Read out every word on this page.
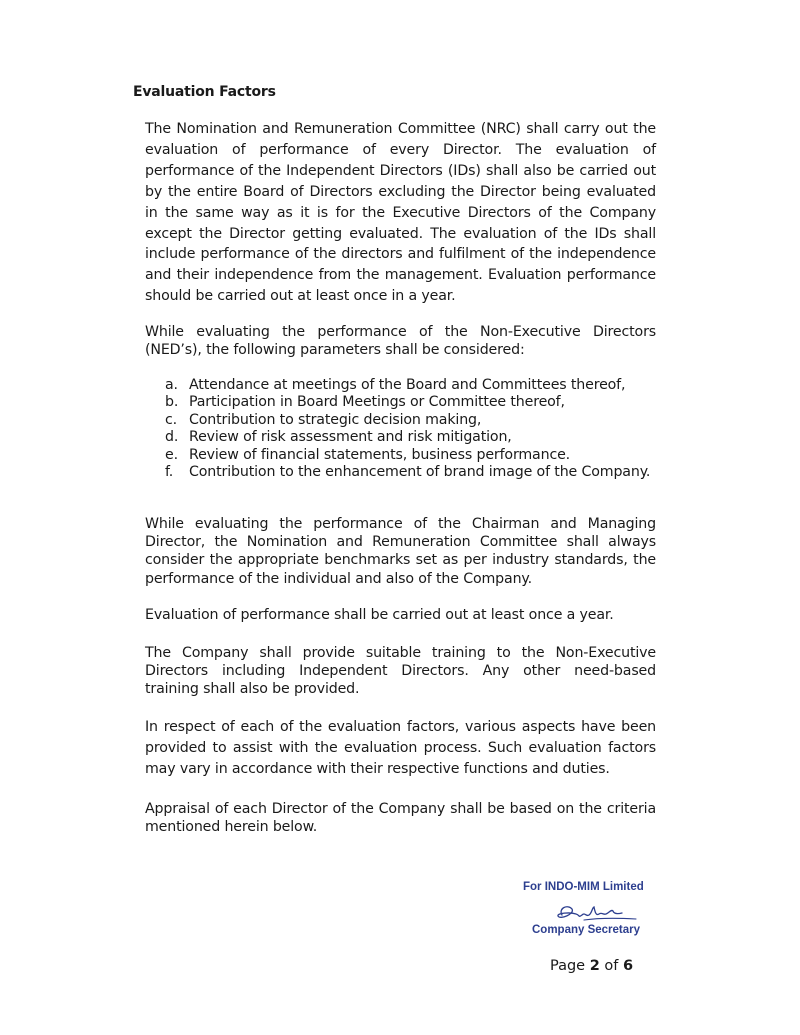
Evaluation Factors
The Nomination and Remuneration Committee (NRC) shall carry out the evaluation of performance of every Director. The evaluation of performance of the Independent Directors (IDs) shall also be carried out by the entire Board of Directors excluding the Director being evaluated in the same way as it is for the Executive Directors of the Company except the Director getting evaluated. The evaluation of the IDs shall include performance of the directors and fulfilment of the independence and their independence from the management. Evaluation performance should be carried out at least once in a year.
While evaluating the performance of the Non-Executive Directors (NED’s), the following parameters shall be considered:
a. Attendance at meetings of the Board and Committees thereof,
b. Participation in Board Meetings or Committee thereof,
c. Contribution to strategic decision making,
d. Review of risk assessment and risk mitigation,
e. Review of financial statements, business performance.
f. Contribution to the enhancement of brand image of the Company.
While evaluating the performance of the Chairman and Managing Director, the Nomination and Remuneration Committee shall always consider the appropriate benchmarks set as per industry standards, the performance of the individual and also of the Company.
Evaluation of performance shall be carried out at least once a year.
The Company shall provide suitable training to the Non-Executive Directors including Independent Directors. Any other need-based training shall also be provided.
In respect of each of the evaluation factors, various aspects have been provided to assist with the evaluation process. Such evaluation factors may vary in accordance with their respective functions and duties.
Appraisal of each Director of the Company shall be based on the criteria mentioned herein below.
For INDO-MIM Limited
Company Secretary
Page 2 of 6
